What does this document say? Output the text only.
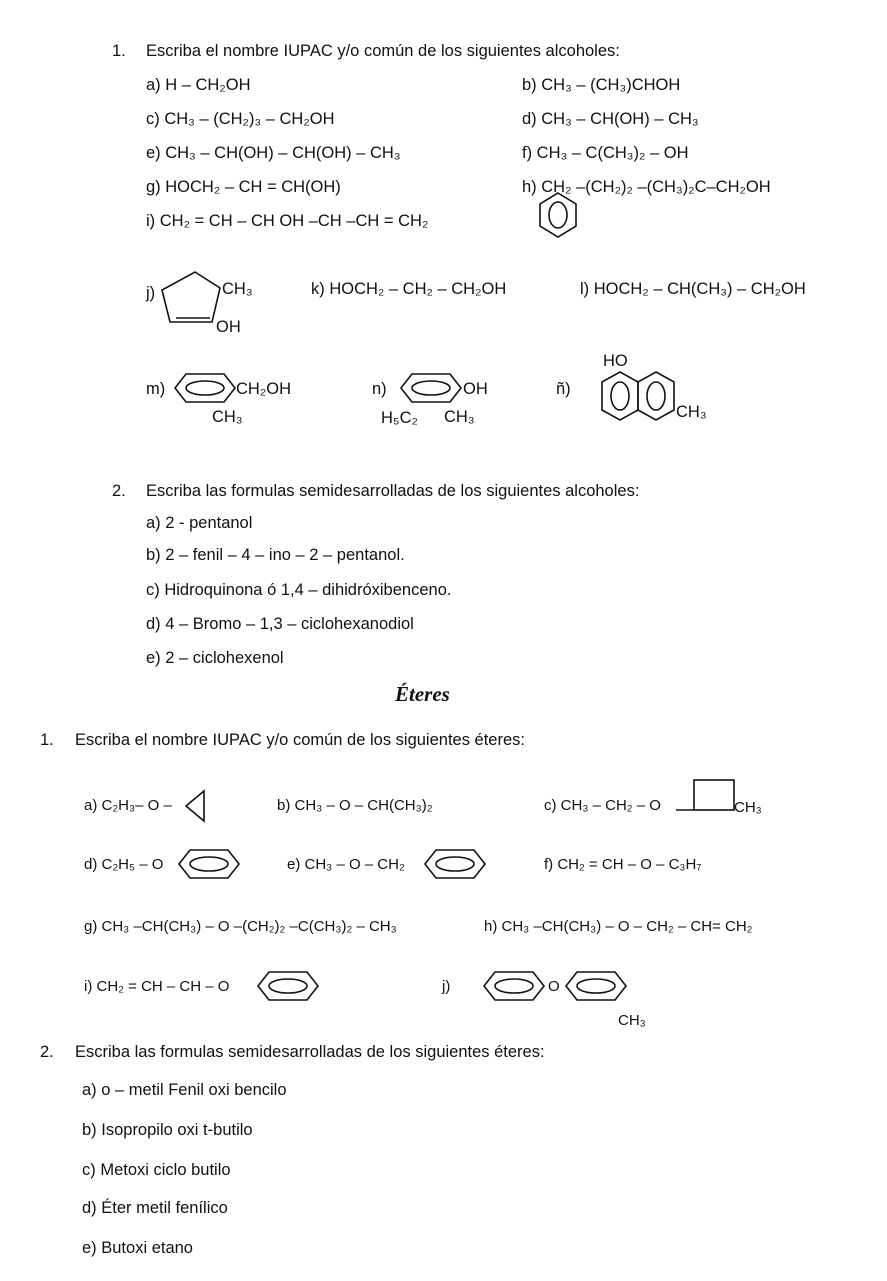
1. Escriba el nombre IUPAC y/o común de los siguientes alcoholes:
a) H – CH₂OH	b) CH₃ – (CH₃)CHOH
c) CH₃ – (CH₂)₃ – CH₂OH	d) CH₃ – CH(OH) – CH₃
e) CH₃ – CH(OH) – CH(OH) – CH₃	f) CH₃ – C(CH₃)₂ – OH
g) HOCH₂ – CH = CH(OH)	h) CH₂ –(CH₂)₂ –(CH₃)₂C–CH₂OH
i) CH₂ = CH – CH OH –CH –CH = CH₂
j)	CH₃
OH
k) HOCH₂ – CH₂ – CH₂OH	l) HOCH₂ – CH(CH₃) – CH₂OH
m)	CH₂OH
CH₃
n)	OH
H₅C₂ CH₃
ñ)
HO
CH₃
2. Escriba las formulas semidesarrolladas de los siguientes alcoholes:
a) 2 - pentanol
b) 2 – fenil – 4 – ino – 2 – pentanol.
c) Hidroquinona ó 1,4 – dihidróxibenceno.
d) 4 – Bromo – 1,3 – ciclohexanodiol
e) 2 – ciclohexenol
Éteres
1. Escriba el nombre IUPAC y/o común de los siguientes éteres:
a) C₂H₃– O –	b) CH₃ – O – CH(CH₃)₂	c) CH₃ – CH₂ – O	CH₃
d) C₂H₅ – O	e) CH₃ – O – CH₂	f) CH₂ = CH – O – C₃H₇
g) CH₃ –CH(CH₃) – O –(CH₂)₂ –C(CH₃)₂ – CH₃	h) CH₃ –CH(CH₃) – O – CH₂ – CH= CH₂
i) CH₂ = CH – CH – O	j)	O
CH₃
2. Escriba las formulas semidesarrolladas de los siguientes éteres:
a) o – metil Fenil oxi bencilo
b) Isopropilo oxi t-butilo
c) Metoxi ciclo butilo
d) Éter metil fenílico
e) Butoxi etano
